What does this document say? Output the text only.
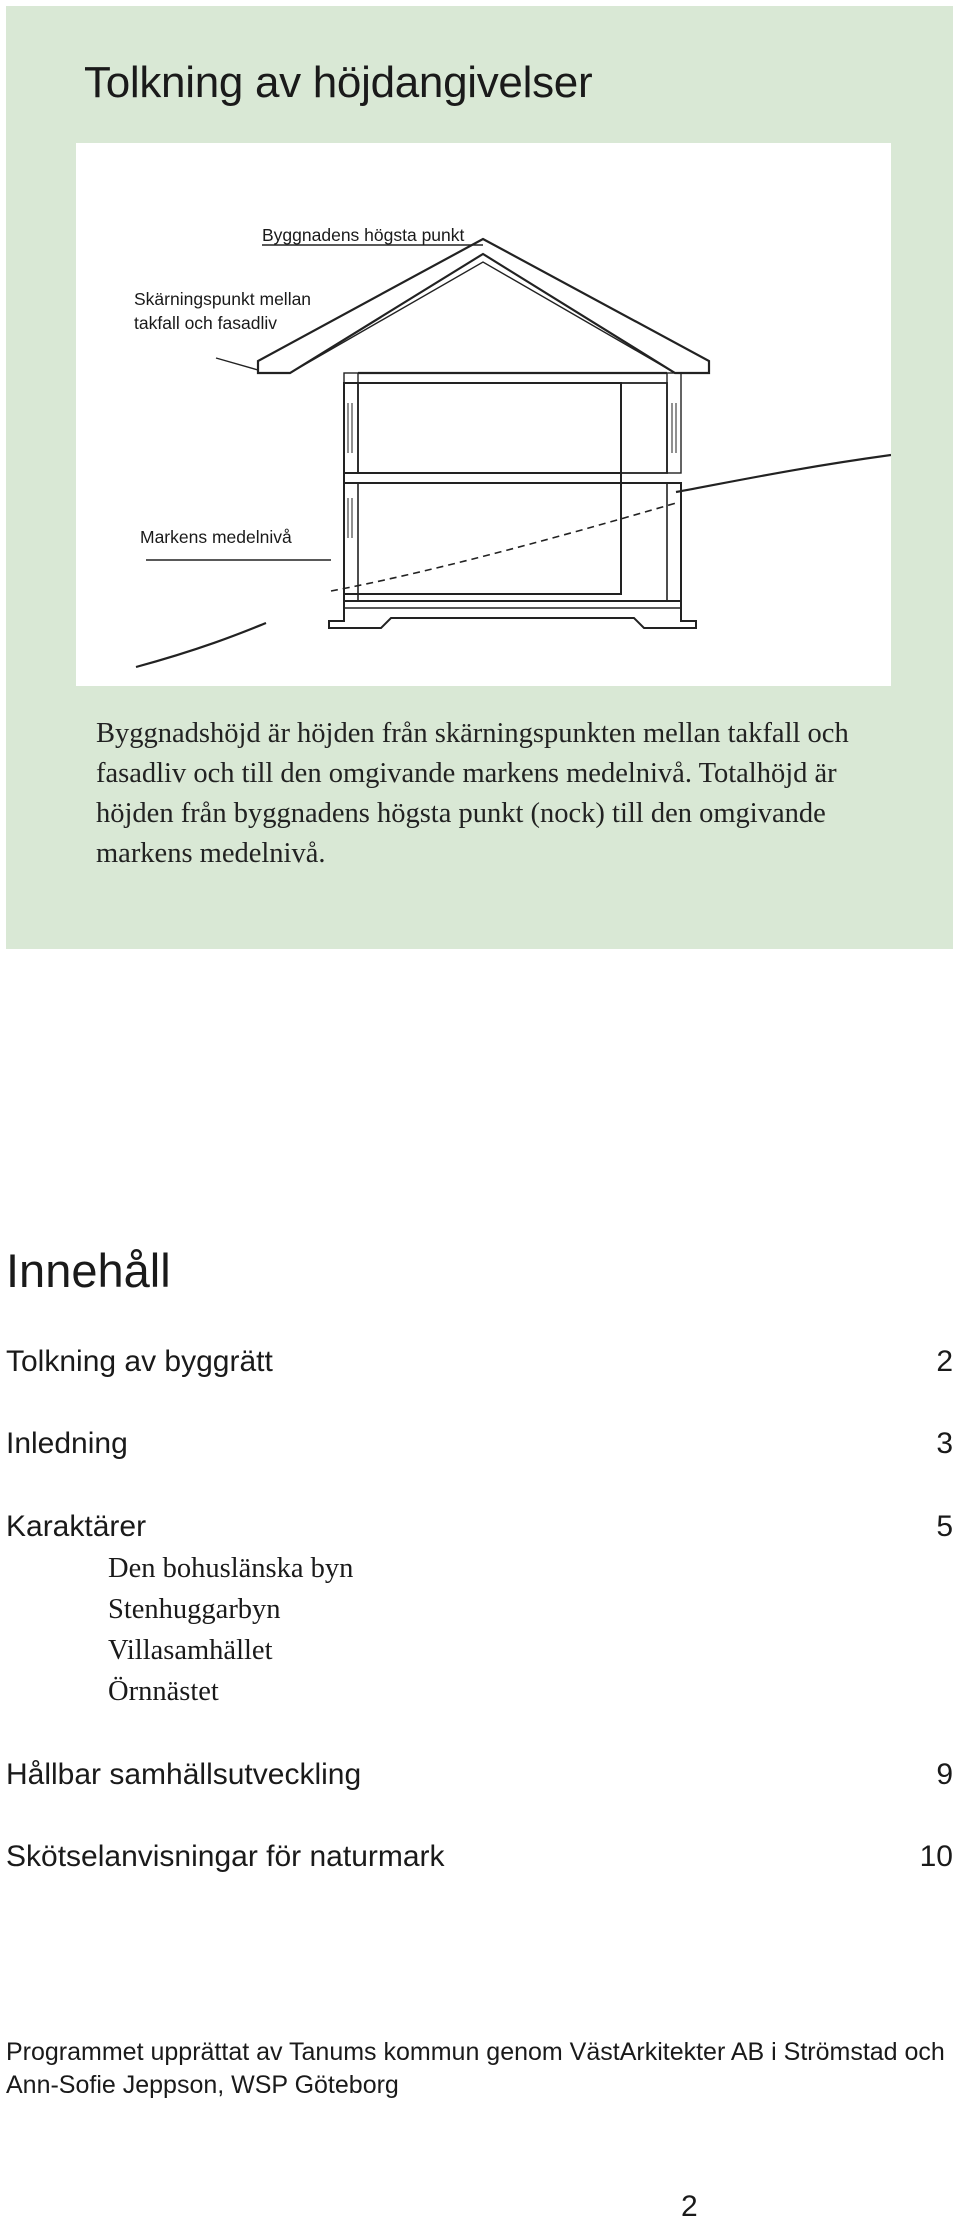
Tolkning av höjdangivelser
Byggnadens högsta punkt
Skärningspunkt mellan
takfall och fasadliv
Markens medelnivå

Byggnadshöjd är höjden från skärningspunkten mellan takfall och fasadliv och till den omgivande markens medelnivå. Totalhöjd är höjden från byggnadens högsta punkt (nock) till den omgivande markens medelnivå.

Innehåll
Tolkning av byggrätt	2
Inledning	3
Karaktärer	5
Den bohuslänska byn
Stenhuggarbyn
Villasamhället
Örnnästet
Hållbar samhällsutveckling	9
Skötselanvisningar för naturmark	10

Programmet upprättat av Tanums kommun genom VästArkitekter AB i Strömstad och Ann-Sofie Jeppson, WSP Göteborg

2
